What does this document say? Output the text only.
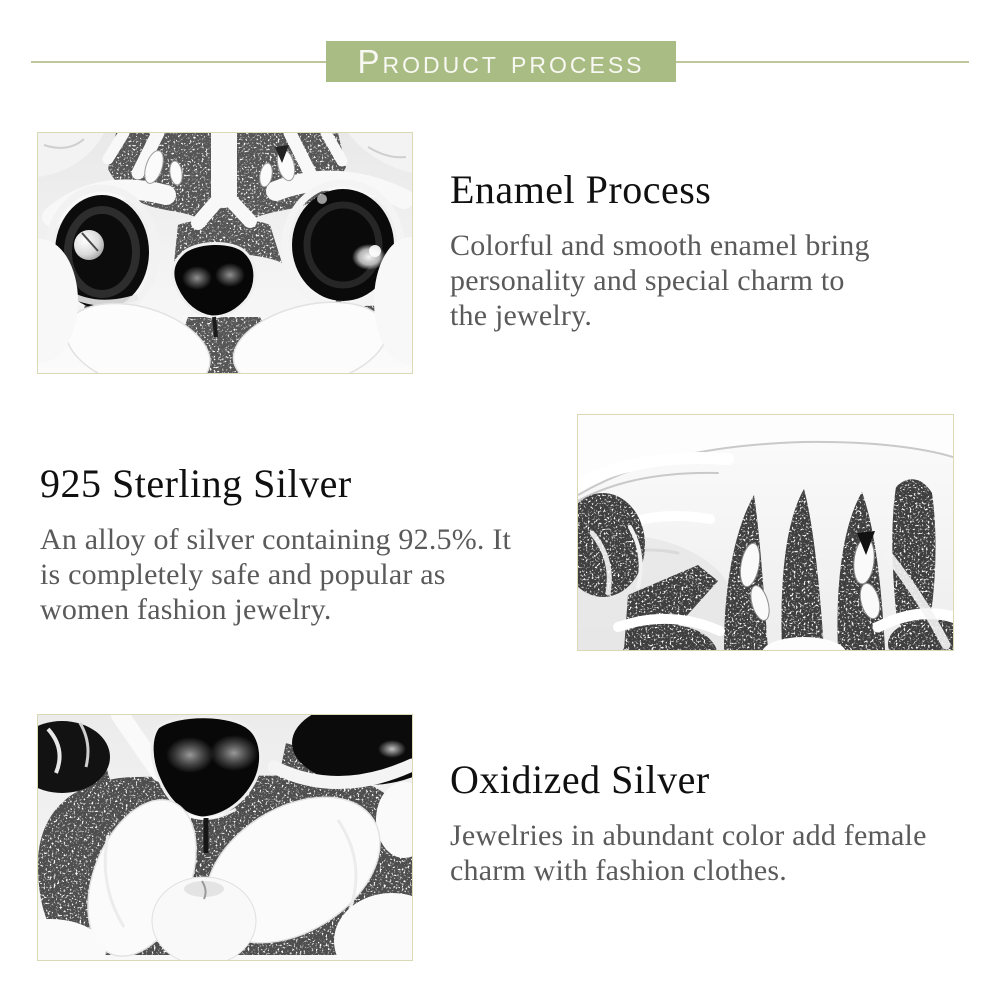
Product process
Enamel Process
Colorful and smooth enamel bring
personality and special charm to
the jewelry.
925 Sterling Silver
An alloy of silver containing 92.5%. It
is completely safe and popular as
women fashion jewelry.
Oxidized Silver
Jewelries in abundant color add female
charm with fashion clothes.
